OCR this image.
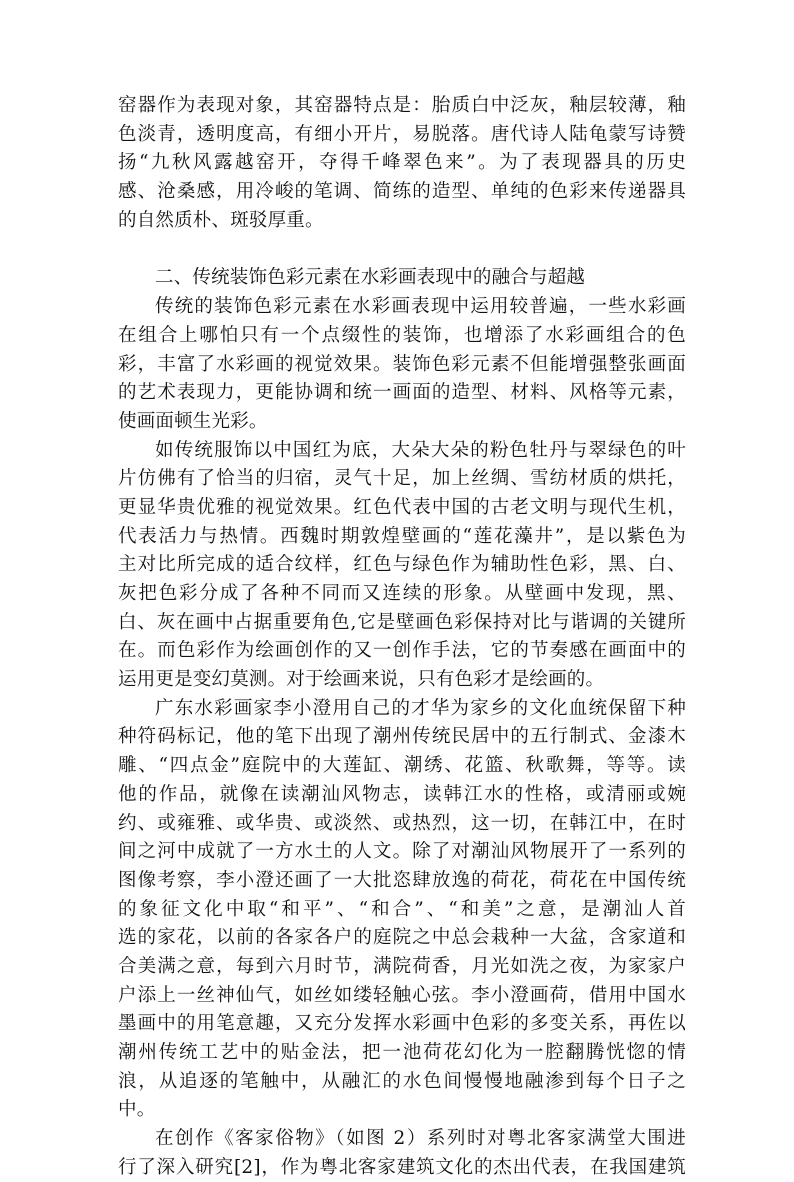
窑器作为表现对象，其窑器特点是：胎质白中泛灰，釉层较薄，釉
色淡青，透明度高，有细小开片，易脱落。唐代诗人陆龟蒙写诗赞
扬“九秋风露越窑开，夺得千峰翠色来”。为了表现器具的历史
感、沧桑感，用冷峻的笔调、简练的造型、单纯的色彩来传递器具
的自然质朴、斑驳厚重。
二、传统装饰色彩元素在水彩画表现中的融合与超越
传统的装饰色彩元素在水彩画表现中运用较普遍，一些水彩画
在组合上哪怕只有一个点缀性的装饰，也增添了水彩画组合的色
彩，丰富了水彩画的视觉效果。装饰色彩元素不但能增强整张画面
的艺术表现力，更能协调和统一画面的造型、材料、风格等元素，
使画面顿生光彩。
如传统服饰以中国红为底，大朵大朵的粉色牡丹与翠绿色的叶
片仿佛有了恰当的归宿，灵气十足，加上丝绸、雪纺材质的烘托，
更显华贵优雅的视觉效果。红色代表中国的古老文明与现代生机，
代表活力与热情。西魏时期敦煌壁画的“莲花藻井”，是以紫色为
主对比所完成的适合纹样，红色与绿色作为辅助性色彩，黑、白、
灰把色彩分成了各种不同而又连续的形象。从壁画中发现，黑、
白、灰在画中占据重要角色,它是壁画色彩保持对比与谐调的关键所
在。而色彩作为绘画创作的又一创作手法，它的节奏感在画面中的
运用更是变幻莫测。对于绘画来说，只有色彩才是绘画的。
广东水彩画家李小澄用自己的才华为家乡的文化血统保留下种
种符码标记，他的笔下出现了潮州传统民居中的五行制式、金漆木
雕、“四点金”庭院中的大莲缸、潮绣、花篮、秋歌舞，等等。读
他的作品，就像在读潮汕风物志，读韩江水的性格，或清丽或婉
约、或雍雅、或华贵、或淡然、或热烈，这一切，在韩江中，在时
间之河中成就了一方水土的人文。除了对潮汕风物展开了一系列的
图像考察，李小澄还画了一大批恣肆放逸的荷花，荷花在中国传统
的象征文化中取“和平”、“和合”、“和美”之意，是潮汕人首
选的家花，以前的各家各户的庭院之中总会栽种一大盆，含家道和
合美满之意，每到六月时节，满院荷香，月光如洗之夜，为家家户
户添上一丝神仙气，如丝如缕轻触心弦。李小澄画荷，借用中国水
墨画中的用笔意趣，又充分发挥水彩画中色彩的多变关系，再佐以
潮州传统工艺中的贴金法，把一池荷花幻化为一腔翻腾恍惚的情
浪，从追逐的笔触中，从融汇的水色间慢慢地融渗到每个日子之
中。
在创作《客家俗物》（如图 2）系列时对粤北客家满堂大围进
行了深入研究[2]，作为粤北客家建筑文化的杰出代表，在我国建筑
